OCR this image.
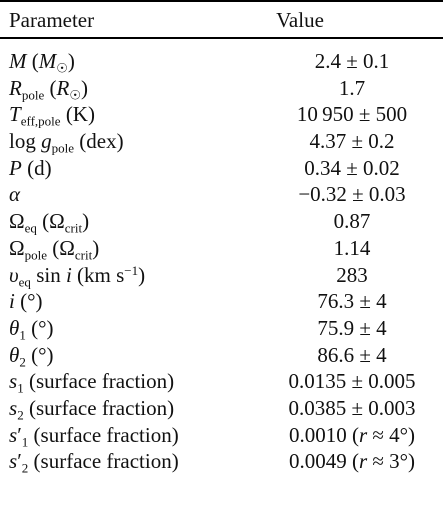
Parameter	Value
M $(M_☉)$	2.4 ± 0.1
$R_{pole}$ $(R_☉)$	1.7
$T_{eff,pole}$ (K)	10 950 ± 500
$\log g_{pole}$ (dex)	4.37 ± 0.2
P (d)	0.34 ± 0.02
α	−0.32 ± 0.03
$\Omega_{eq}$ $(\Omega_{crit})$	0.87
$\Omega_{pole}$ $(\Omega_{crit})$	1.14
$\upsilon_{eq}$ sin i (km $s^{-1}$)	283
i (°)	76.3 ± 4
$\theta_1$ (°)	75.9 ± 4
$\theta_2$ (°)	86.6 ± 4
$s_1$ (surface fraction)	0.0135 ± 0.005
$s_2$ (surface fraction)	0.0385 ± 0.003
$s'_1$ (surface fraction)	0.0010 (r ≈ 4°)
$s'_2$ (surface fraction)	0.0049 (r ≈ 3°)
